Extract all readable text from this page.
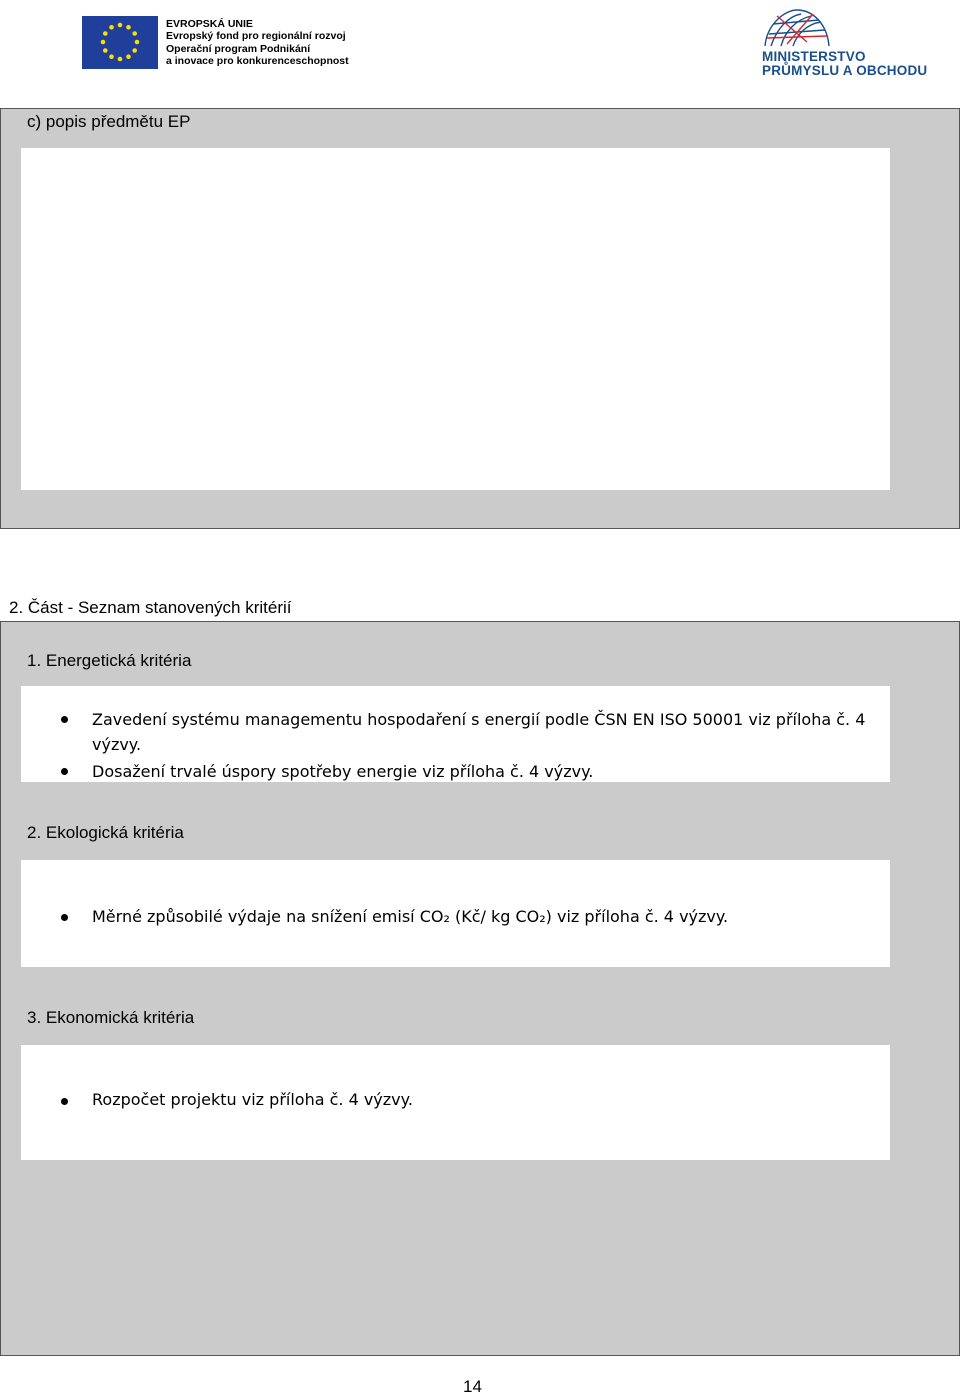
EVROPSKÁ UNIE
Evropský fond pro regionální rozvoj
Operační program Podnikání
a inovace pro konkurenceschopnost	MINISTERSTVO
PRŮMYSLU A OBCHODU
c) popis předmětu EP
2. Část - Seznam stanovených kritérií
1. Energetická kritéria
Zavedení systému managementu hospodaření s energií podle ČSN EN ISO 50001 viz příloha č. 4
výzvy.
Dosažení trvalé úspory spotřeby energie viz příloha č. 4 výzvy.
2. Ekologická kritéria
Měrné způsobilé výdaje na snížení emisí CO₂ (Kč/ kg CO₂) viz příloha č. 4 výzvy.
3. Ekonomická kritéria
Rozpočet projektu viz příloha č. 4 výzvy.
14
